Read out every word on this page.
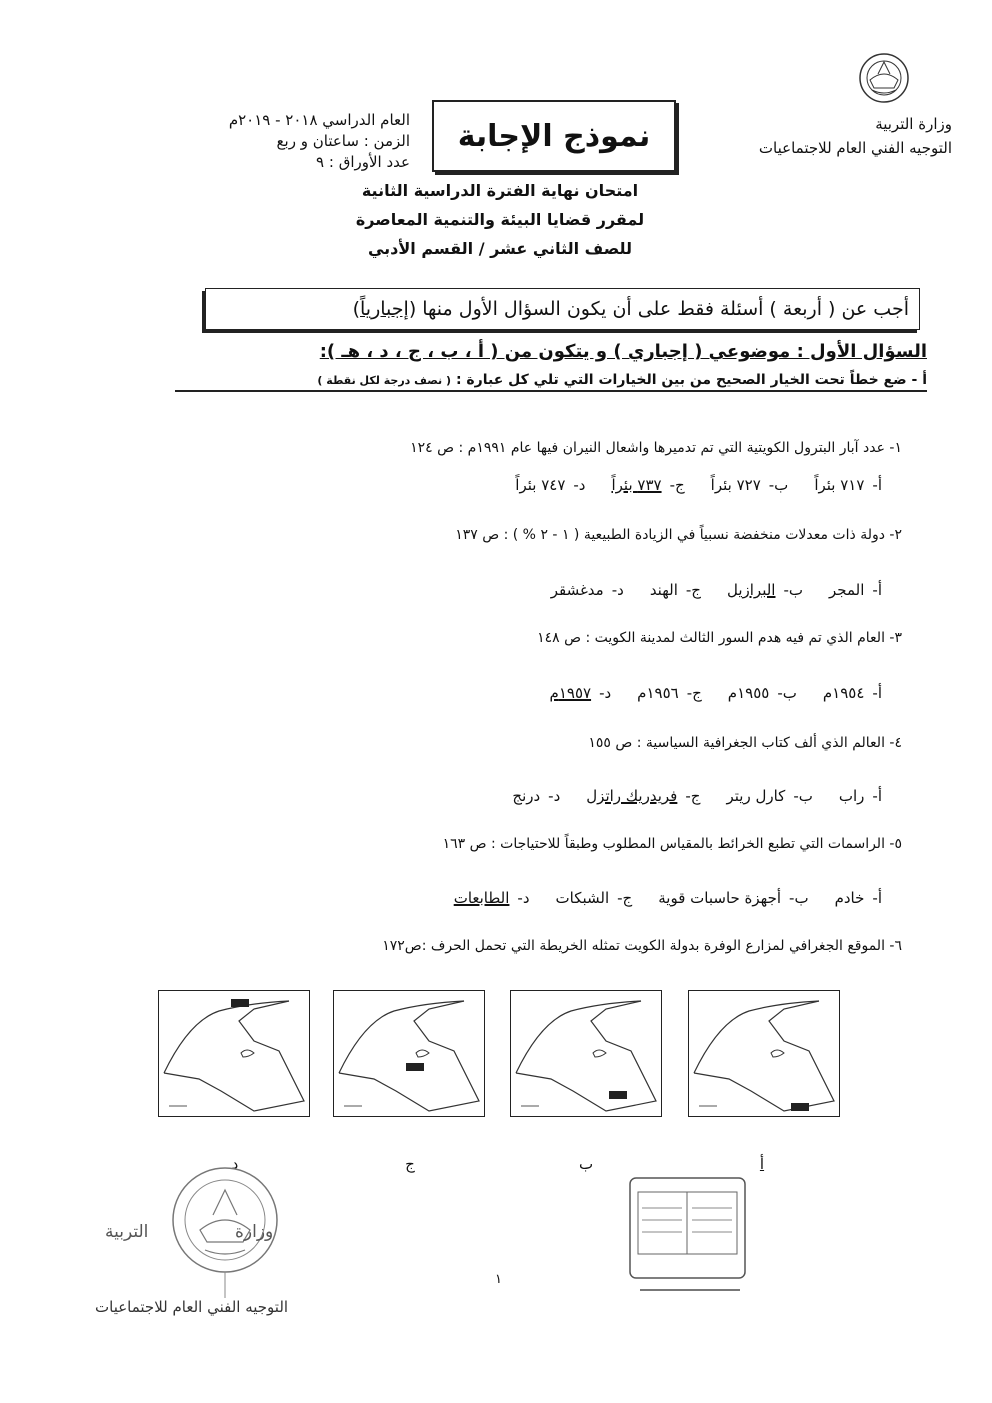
وزارة التربية
التوجيه الفني العام للاجتماعيات
نموذج الإجابة
العام الدراسي ٢٠١٨ - ٢٠١٩م
الزمن : ساعتان و ربع
عدد الأوراق : ٩
امتحان نهاية الفترة الدراسية الثانية
لمقرر قضايا البيئة والتنمية المعاصرة
للصف الثاني عشر / القسم الأدبي
أجب عن ( أربعة ) أسئلة فقط على أن يكون السؤال الأول منها (
إجبارياً
)
السؤال الأول : موضوعي ( إجباري ) و يتكون من ( أ ، ب ، ج ، د ، هـ ):
أ - ضع خطاً تحت الخيار الصحيح من بين الخيارات التي تلي كل عبارة : ( نصف درجة لكل نقطة )
١- عدد آبار البترول الكويتية التي تم تدميرها واشعال النيران فيها عام ١٩٩١م : ص ١٢٤
أ-٧١٧ بئراً
ب-٧٢٧ بئراً
ج-٧٣٧ بئراً
د-٧٤٧ بئراً
٢- دولة ذات معدلات منخفضة نسبياً في الزيادة الطبيعية ( ١ - ٢ % ) : ص ١٣٧
أ-المجر
ب-البرازيل
ج-الهند
د-مدغشقر
٣- العام الذي تم فيه هدم السور الثالث لمدينة الكويت : ص ١٤٨
أ-١٩٥٤م
ب-١٩٥٥م
ج-١٩٥٦م
د-١٩٥٧م
٤- العالم الذي ألف كتاب الجغرافية السياسية : ص ١٥٥
أ-راب
ب-كارل ريتر
ج-فريدريك راتزل
د-درنج
٥- الراسمات التي تطبع الخرائط بالمقياس المطلوب وطبقاً للاحتياجات : ص ١٦٣
أ-خادم
ب-أجهزة حاسبات قوية
ج-الشبكات
د-الطابعات
٦- الموقع الجغرافي لمزارع الوفرة بدولة الكويت تمثله الخريطة التي تحمل الحرف :ص١٧٢
أ
ب
ج
د
وزارة
التربية
التوجيه الفني العام للاجتماعيات
١
